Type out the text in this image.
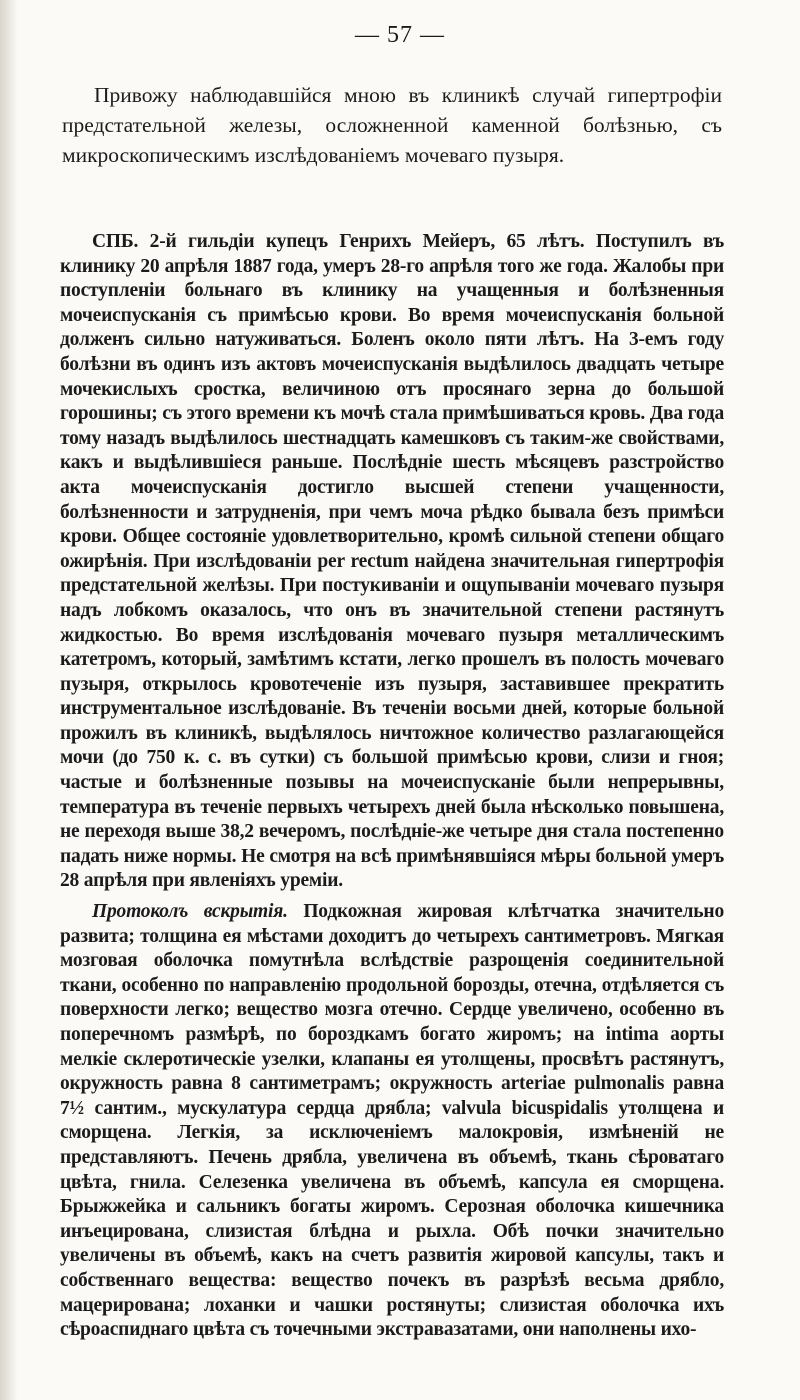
— 57 —

Привожу наблюдавшійся мною въ клиникѣ случай гипертрофіи предстательной железы, осложненной каменной болѣзнью, съ микроскопическимъ изслѣдованіемъ мочеваго пузыря.

СПБ. 2-й гильдіи купецъ Генрихъ Мейеръ, 65 лѣтъ. Поступилъ въ клинику 20 апрѣля 1887 года, умеръ 28-го апрѣля того же года. Жалобы при поступленіи больнаго въ клинику на учащенныя и болѣзненныя мочеиспусканія съ примѣсью крови. Во время мочеиспусканія больной долженъ сильно натуживаться. Боленъ около пяти лѣтъ. На 3-емъ году болѣзни въ одинъ изъ актовъ мочеиспусканія выдѣлилось двадцать четыре мочекислыхъ сростка, величиною отъ просянаго зерна до большой горошины; съ этого времени къ мочѣ стала примѣшиваться кровь. Два года тому назадъ выдѣлилось шестнадцать камешковъ съ таким-же свойствами, какъ и выдѣлившіеся раньше. Послѣдніе шесть мѣсяцевъ разстройство акта мочеиспусканія достигло высшей степени учащенности, болѣзненности и затрудненія, при чемъ моча рѣдко бывала безъ примѣси крови. Общее состояніе удовлетворительно, кромѣ сильной степени общаго ожирѣнія. При изслѣдованіи per rectum найдена значительная гипертрофія предстательной желѣзы. При постукиваніи и ощупываніи мочеваго пузыря надъ лобкомъ оказалось, что онъ въ значительной степени растянутъ жидкостью. Во время изслѣдованія мочеваго пузыря металлическимъ катетромъ, который, замѣтимъ кстати, легко прошелъ въ полость мочеваго пузыря, открылось кровотеченіе изъ пузыря, заставившее прекратить инструментальное изслѣдованіе. Въ теченіи восьми дней, которые больной прожилъ въ клиникѣ, выдѣлялось ничтожное количество разлагающейся мочи (до 750 к. с. въ сутки) съ большой примѣсью крови, слизи и гноя; частые и болѣзненные позывы на мочеиспусканіе были непрерывны, температура въ теченіе первыхъ четырехъ дней была нѣсколько повышена, не переходя выше 38,2 вечеромъ, послѣдніе-же четыре дня стала постепенно падать ниже нормы. Не смотря на всѣ примѣнявшіяся мѣры больной умеръ 28 апрѣля при явленіяхъ уреміи.

Протоколъ вскрытія. Подкожная жировая клѣтчатка значительно развита; толщина ея мѣстами доходитъ до четырехъ сантиметровъ. Мягкая мозговая оболочка помутнѣла вслѣдствіе разрощенія соединительной ткани, особенно по направленію продольной борозды, отечна, отдѣляется съ поверхности легко; вещество мозга отечно. Сердце увеличено, особенно въ поперечномъ размѣрѣ, по бороздкамъ богато жиромъ; на intima аорты мелкіе склеротическіе узелки, клапаны ея утолщены, просвѣтъ растянутъ, окружность равна 8 сантиметрамъ; окружность arteriae pulmonalis равна 7½ сантим., мускулатура сердца дрябла; valvula bicuspidalis утолщена и сморщена. Легкія, за исключеніемъ малокровія, измѣненій не представляютъ. Печень дрябла, увеличена въ объемѣ, ткань сѣроватаго цвѣта, гнила. Селезенка увеличена въ объемѣ, капсула ея сморщена. Брыжжейка и сальникъ богаты жиромъ. Серозная оболочка кишечника инъецирована, слизистая блѣдна и рыхла. Обѣ почки значительно увеличены въ объемѣ, какъ на счетъ развитія жировой капсулы, такъ и собственнаго вещества: вещество почекъ въ разрѣзѣ весьма дрябло, мацерирована; лоханки и чашки ростянуты; слизистая оболочка ихъ сѣроаспиднаго цвѣта съ точечными экстравазатами, они наполнены ихо-
